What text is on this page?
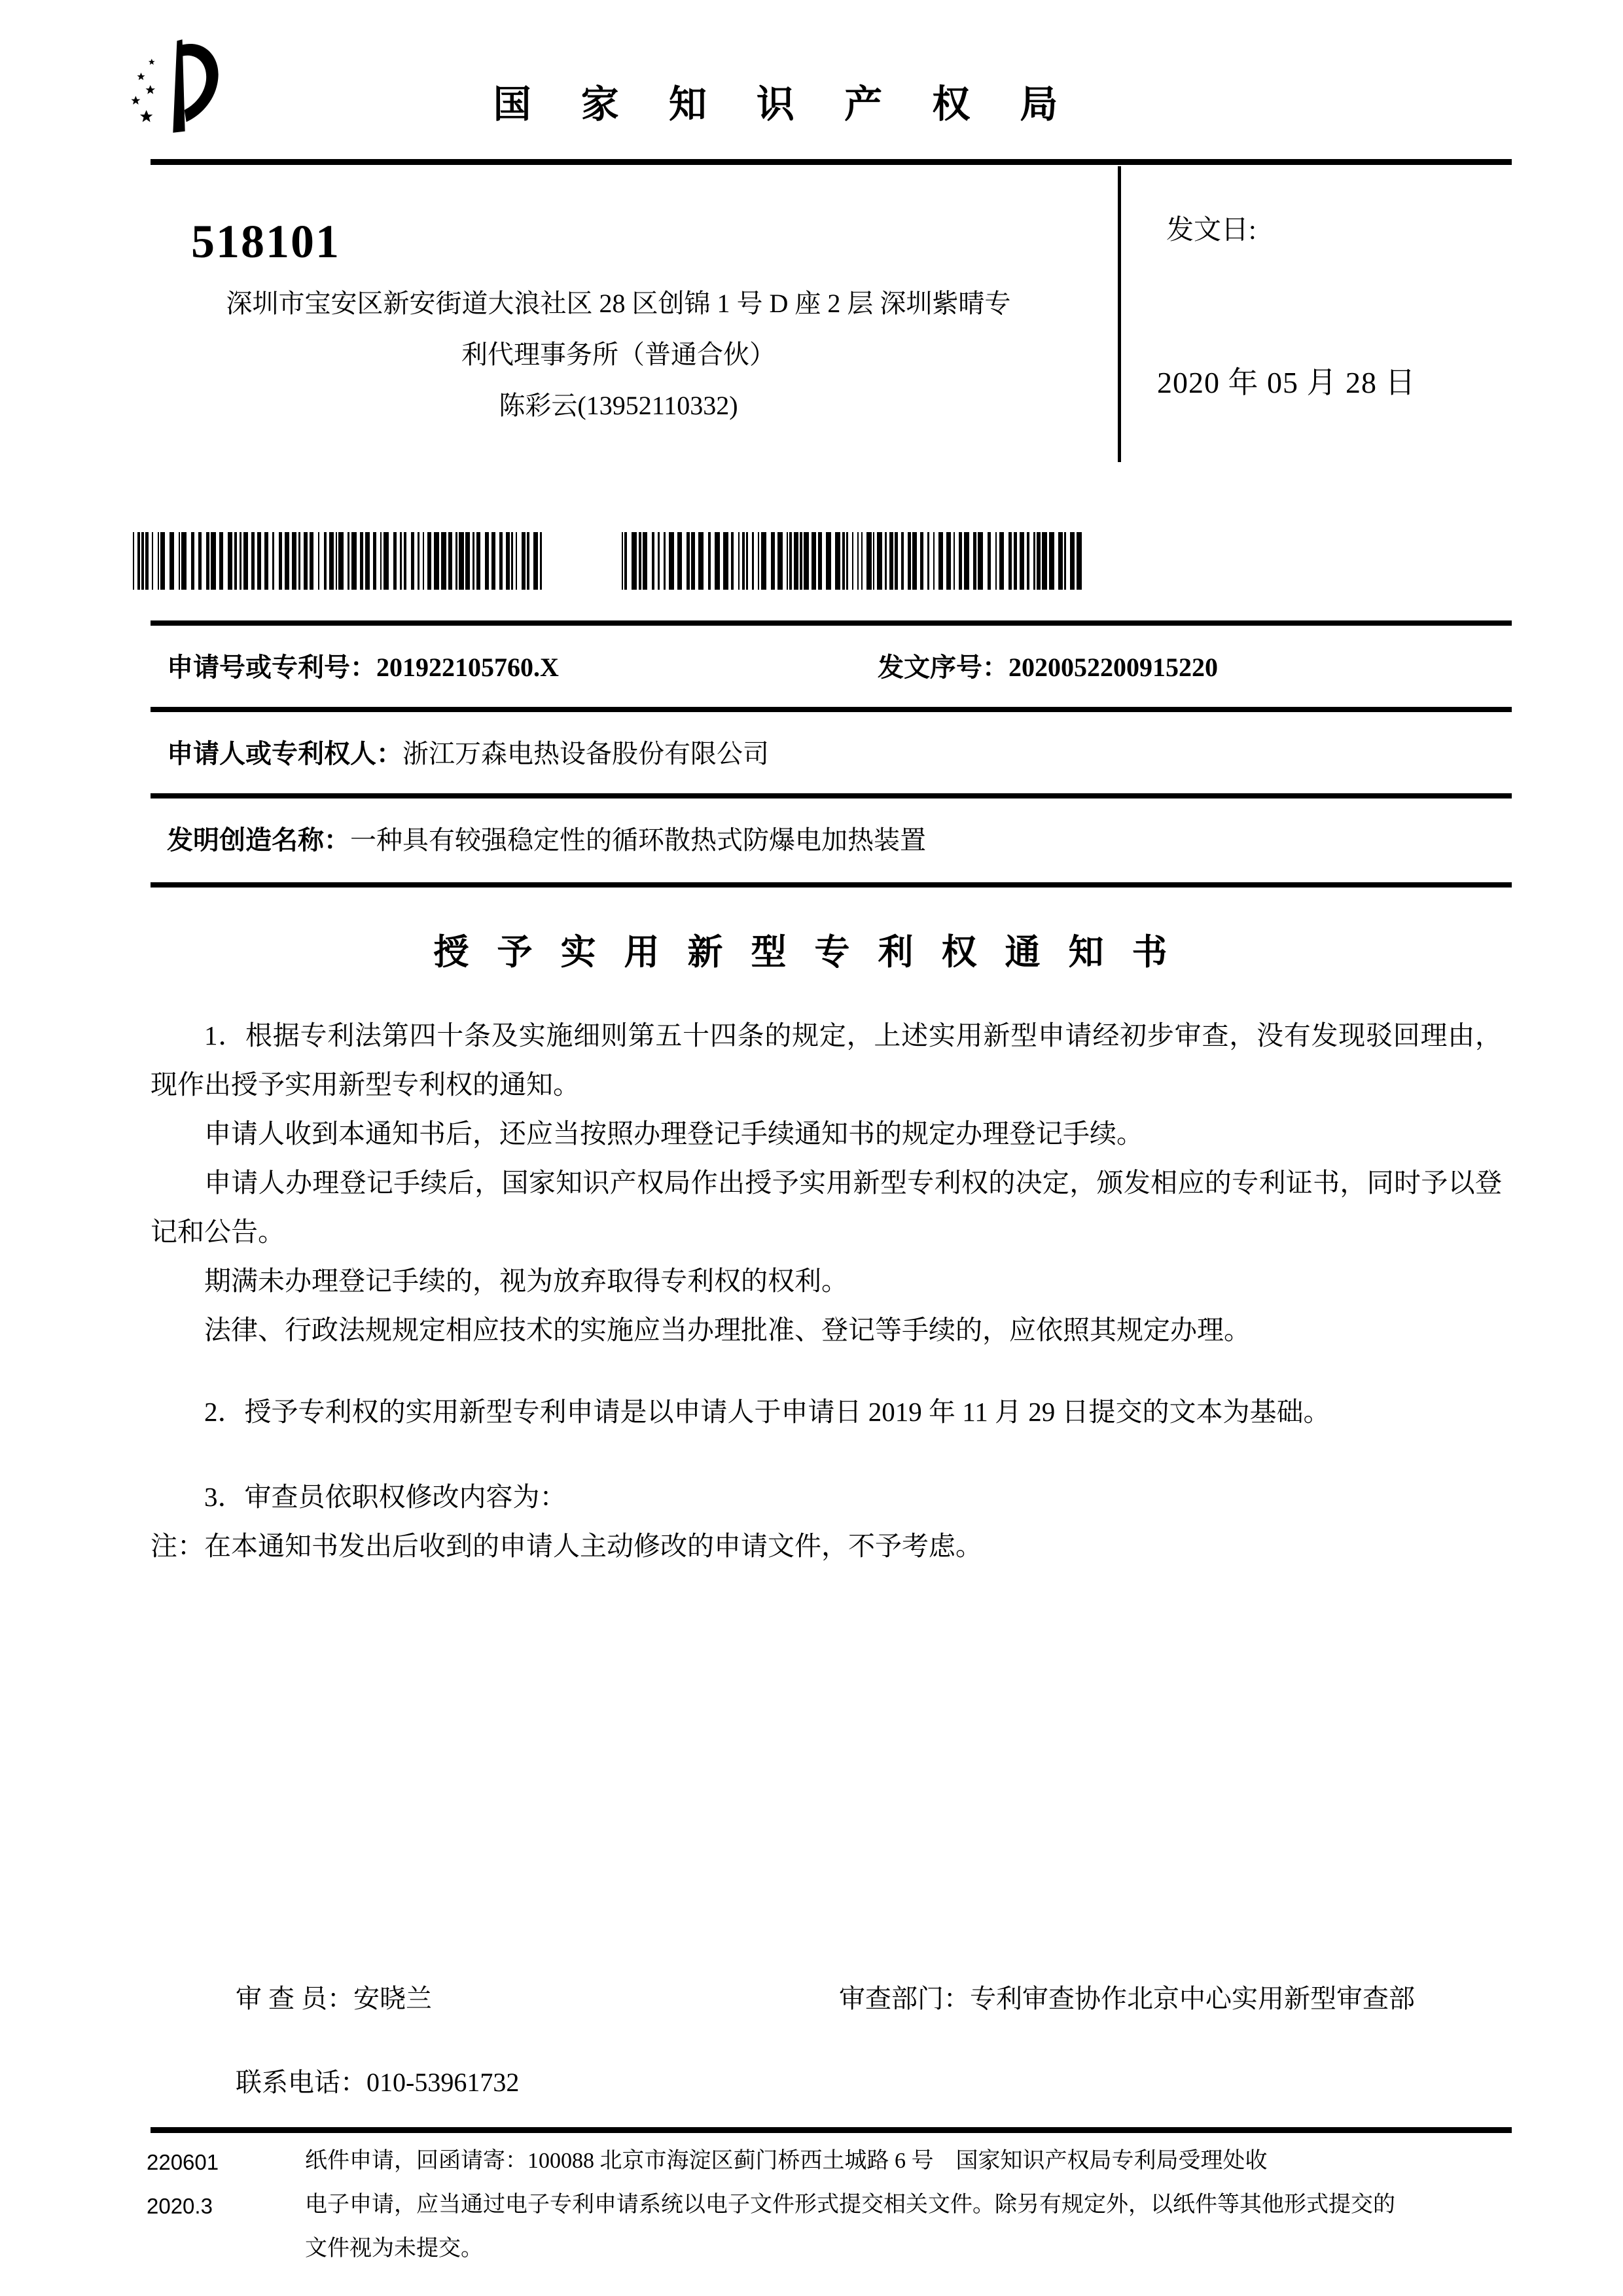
国 家 知 识 产 权 局
发文日:
2020 年 05 月 28 日
518101
深圳市宝安区新安街道大浪社区 28 区创锦 1 号 D 座 2 层 深圳紫晴专
利代理事务所（普通合伙）
陈彩云(13952110332)
申请号或专利号：201922105760.X	发文序号：2020052200915220
申请人或专利权人：浙江万森电热设备股份有限公司
发明创造名称：一种具有较强稳定性的循环散热式防爆电加热装置
授 予 实 用 新 型 专 利 权 通 知 书

1．根据专利法第四十条及实施细则第五十四条的规定，上述实用新型申请经初步审查，没有发现驳回理由，现作出授予实用新型专利权的通知。

申请人收到本通知书后，还应当按照办理登记手续通知书的规定办理登记手续。

申请人办理登记手续后，国家知识产权局作出授予实用新型专利权的决定，颁发相应的专利证书，同时予以登记和公告。

期满未办理登记手续的，视为放弃取得专利权的权利。

法律、行政法规规定相应技术的实施应当办理批准、登记等手续的，应依照其规定办理。

2．授予专利权的实用新型专利申请是以申请人于申请日 2019 年 11 月 29 日提交的文本为基础。

3．审查员依职权修改内容为：

注：在本通知书发出后收到的申请人主动修改的申请文件，不予考虑。

审 查 员：安晓兰	审查部门：专利审查协作北京中心实用新型审查部
联系电话：010-53961732
220601
2020.3
纸件申请，回函请寄：100088 北京市海淀区蓟门桥西土城路 6 号　国家知识产权局专利局受理处收
电子申请，应当通过电子专利申请系统以电子文件形式提交相关文件。除另有规定外，以纸件等其他形式提交的
文件视为未提交。
